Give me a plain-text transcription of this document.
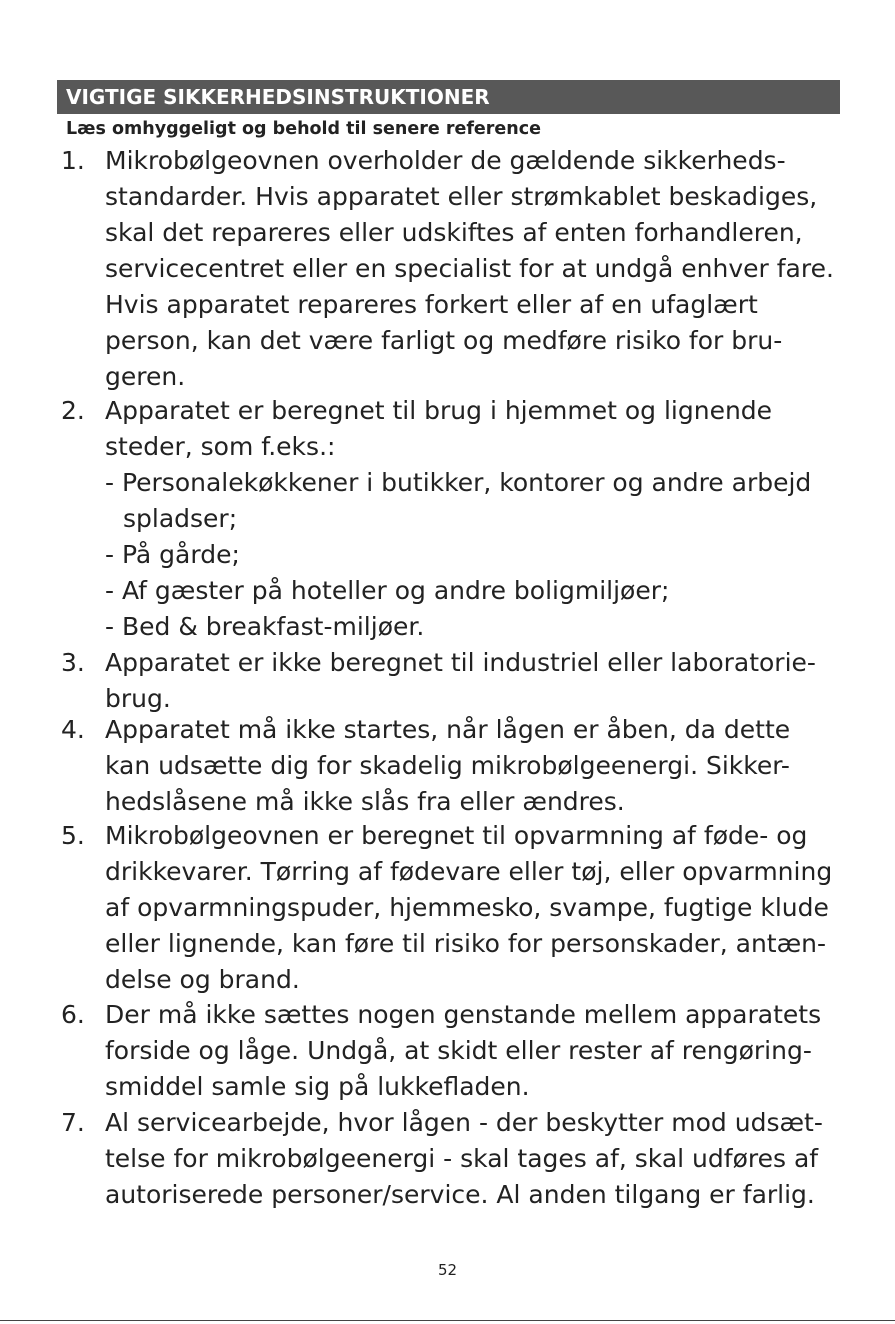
VIGTIGE SIKKERHEDSINSTRUKTIONER
Læs omhyggeligt og behold til senere reference
1. Mikrobølgeovnen overholder de gældende sikkerheds-
standarder. Hvis apparatet eller strømkablet beskadiges,
skal det repareres eller udskiftes af enten forhandleren,
servicecentret eller en specialist for at undgå enhver fare.
Hvis apparatet repareres forkert eller af en ufaglært
person, kan det være farligt og medføre risiko for bru-
geren.
2. Apparatet er beregnet til brug i hjemmet og lignende
steder, som f.eks.:
- Personalekøkkener i butikker, kontorer og andre arbejd
spladser;
- På gårde;
- Af gæster på hoteller og andre boligmiljøer;
- Bed & breakfast-miljøer.
3. Apparatet er ikke beregnet til industriel eller laboratorie-
brug.
4. Apparatet må ikke startes, når lågen er åben, da dette
kan udsætte dig for skadelig mikrobølgeenergi. Sikker-
hedslåsene må ikke slås fra eller ændres.
5. Mikrobølgeovnen er beregnet til opvarmning af føde- og
drikkevarer. Tørring af fødevare eller tøj, eller opvarmning
af opvarmningspuder, hjemmesko, svampe, fugtige klude
eller lignende, kan føre til risiko for personskader, antæn-
delse og brand.
6. Der må ikke sættes nogen genstande mellem apparatets
forside og låge. Undgå, at skidt eller rester af rengøring-
smiddel samle sig på lukkefladen.
7. Al servicearbejde, hvor lågen - der beskytter mod udsæt-
telse for mikrobølgeenergi - skal tages af, skal udføres af
autoriserede personer/service. Al anden tilgang er farlig.
52
